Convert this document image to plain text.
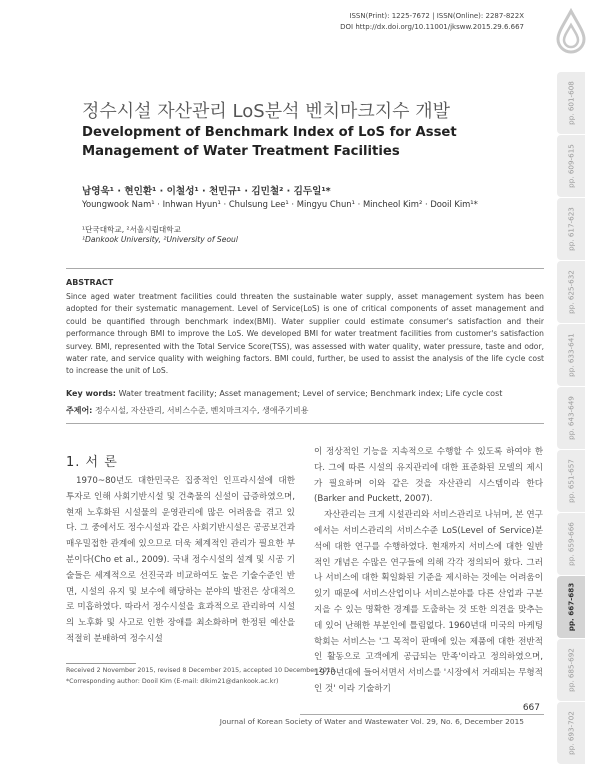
ISSN(Print): 1225-7672 | ISSN(Online): 2287-822X
DOI http://dx.doi.org/10.11001/jksww.2015.29.6.667
정수시설 자산관리 LoS분석 벤치마크지수 개발
Development of Benchmark Index of LoS for Asset Management of Water Treatment Facilities
남영욱¹ · 현인환¹ · 이철성¹ · 천민규¹ · 김민철² · 김두일¹*
Youngwook Nam¹ · Inhwan Hyun¹ · Chulsung Lee¹ · Mingyu Chun¹ · Mincheol Kim² · Dooil Kim¹*
¹단국대학교, ²서울시립대학교
¹Dankook University, ²University of Seoul
ABSTRACT
Since aged water treatment facilities could threaten the sustainable water supply, asset management system has been adopted for their systematic management. Level of Service(LoS) is one of critical components of asset management and could be quantified through benchmark index(BMI). Water supplier could estimate consumer's satisfaction and their performance through BMI to improve the LoS. We developed BMI for water treatment facilities from customer's satisfaction survey. BMI, represented with the Total Service Score(TSS), was assessed with water quality, water pressure, taste and odor, water rate, and service quality with weighing factors. BMI could, further, be used to assist the analysis of the life cycle cost to increase the unit of LoS.
Key words: Water treatment facility; Asset management; Level of service; Benchmark index; Life cycle cost
주제어: 정수시설, 자산관리, 서비스수준, 벤치마크지수, 생애주기비용
1. 서 론

1970~80년도 대한민국은 집중적인 인프라시설에 대한 투자로 인해 사회기반시설 및 건축물의 신설이 급증하였으며, 현재 노후화된 시설물의 운영관리에 많은 어려움을 겪고 있다. 그 중에서도 정수시설과 같은 사회기반시설은 공공보건과 매우밀접한 관계에 있으므로 더욱 체계적인 관리가 필요한 부분이다(Cho et al., 2009). 국내 정수시설의 설계 및 시공 기술들은 세계적으로 선진국과 비교하여도 높은 기술수준인 반면, 시설의 유지 및 보수에 해당하는 분야의 발전은 상대적으로 미흡하였다. 따라서 정수시설을 효과적으로 관리하여 시설의 노후화 및 사고로 인한 장애를 최소화하며 한정된 예산을 적절히 분배하여 정수시설

이 정상적인 기능을 지속적으로 수행할 수 있도록 하여야 한다. 그에 따른 시설의 유지관리에 대한 표준화된 모델의 제시가 필요하며 이와 같은 것을 자산관리 시스템이라 한다(Barker and Puckett, 2007).

자산관리는 크게 시설관리와 서비스관리로 나뉘며, 본 연구에서는 서비스관리의 서비스수준 LoS(Level of Service)분석에 대한 연구를 수행하였다. 현재까지 서비스에 대한 일반적인 개념은 수많은 연구들에 의해 각각 정의되어 왔다. 그러나 서비스에 대한 획일화된 기준을 제시하는 것에는 어려움이 있기 때문에 서비스산업이나 서비스분야를 다른 산업과 구분 지을 수 있는 명확한 경계를 도출하는 것 또한 의견을 맞추는데 있어 난해한 부분인에 틀림없다. 1960년대 미국의 마케팅학회는 서비스는 '그 목적이 판매에 있는 제품에 대한 전반적인 활동으로 고객에게 공급되는 만족'이라고 정의하였으며, 1970년대에 들어서면서 서비스를 '시장에서 거래되는 무형적인 것' 이라 기술하기

Received 2 November 2015, revised 8 December 2015, accepted 10 December 2015.
*Corresponding author: Dooil Kim (E-mail: dikim21@dankook.ac.kr)
667
Journal of Korean Society of Water and Wastewater Vol. 29, No. 6, December 2015
pp. 601-608
pp. 609-615
pp. 617-623
pp. 625-632
pp. 633-641
pp. 643-649
pp. 651-657
pp. 659-666
pp. 667-683
pp. 685-692
pp. 693-702
